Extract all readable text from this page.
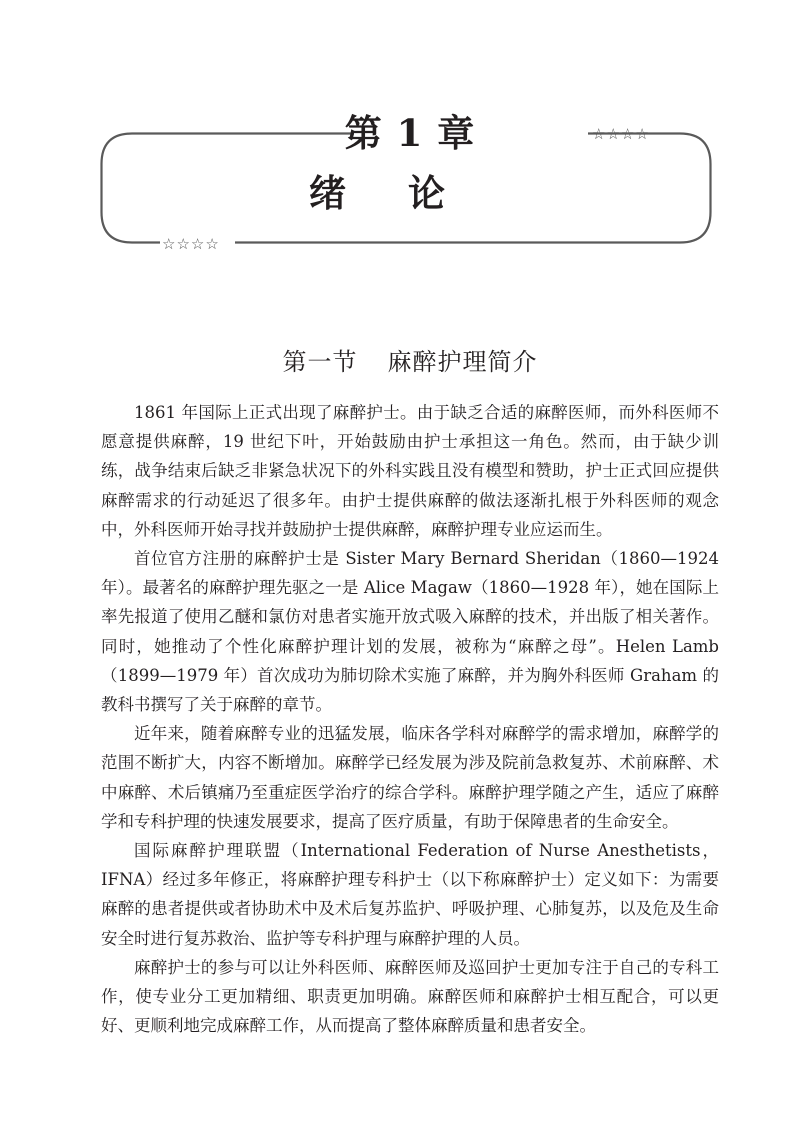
☆☆☆☆
☆☆☆☆
第 1 章
绪论
第一节 麻醉护理简介

1861 年国际上正式出现了麻醉护士。由于缺乏合适的麻醉医师，而外科医师不愿意提供麻醉，19 世纪下叶，开始鼓励由护士承担这一角色。然而，由于缺少训练，战争结束后缺乏非紧急状况下的外科实践且没有模型和赞助，护士正式回应提供麻醉需求的行动延迟了很多年。由护士提供麻醉的做法逐渐扎根于外科医师的观念中，外科医师开始寻找并鼓励护士提供麻醉，麻醉护理专业应运而生。

首位官方注册的麻醉护士是 Sister Mary Bernard Sheridan（1860—1924 年）。最著名的麻醉护理先驱之一是 Alice Magaw（1860—1928 年），她在国际上率先报道了使用乙醚和氯仿对患者实施开放式吸入麻醉的技术，并出版了相关著作。同时，她推动了个性化麻醉护理计划的发展，被称为“麻醉之母”。Helen Lamb（1899—1979 年）首次成功为肺切除术实施了麻醉，并为胸外科医师 Graham 的教科书撰写了关于麻醉的章节。

近年来，随着麻醉专业的迅猛发展，临床各学科对麻醉学的需求增加，麻醉学的范围不断扩大，内容不断增加。麻醉学已经发展为涉及院前急救复苏、术前麻醉、术中麻醉、术后镇痛乃至重症医学治疗的综合学科。麻醉护理学随之产生，适应了麻醉学和专科护理的快速发展要求，提高了医疗质量，有助于保障患者的生命安全。

国际麻醉护理联盟（International Federation of Nurse Anesthetists，IFNA）经过多年修正，将麻醉护理专科护士（以下称麻醉护士）定义如下：为需要麻醉的患者提供或者协助术中及术后复苏监护、呼吸护理、心肺复苏，以及危及生命安全时进行复苏救治、监护等专科护理与麻醉护理的人员。

麻醉护士的参与可以让外科医师、麻醉医师及巡回护士更加专注于自己的专科工作，使专业分工更加精细、职责更加明确。麻醉医师和麻醉护士相互配合，可以更好、更顺利地完成麻醉工作，从而提高了整体麻醉质量和患者安全。
